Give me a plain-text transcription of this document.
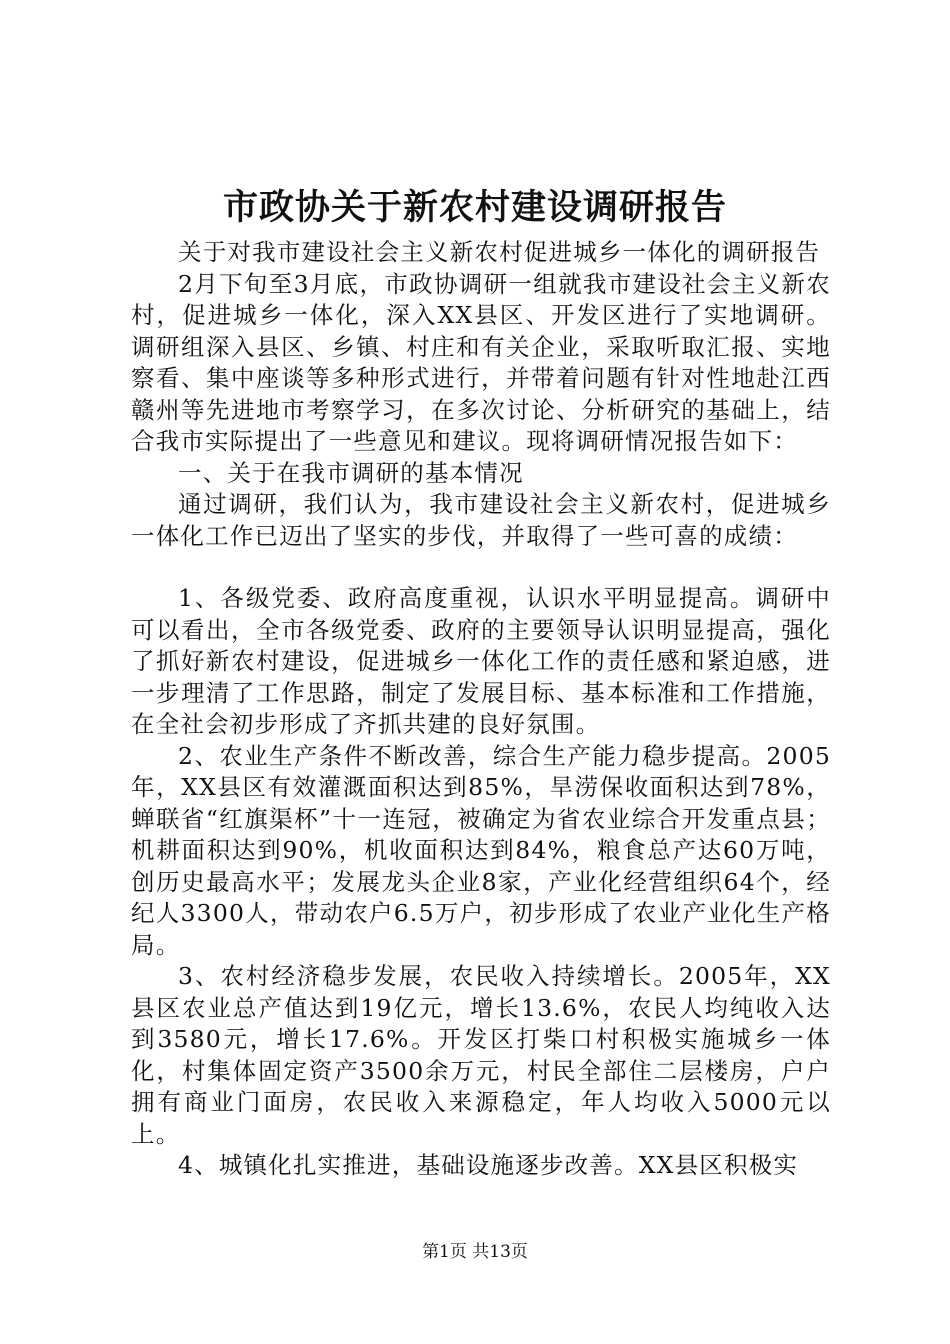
市政协关于新农村建设调研报告

关于对我市建设社会主义新农村促进城乡一体化的调研报告

2月下旬至3月底，市政协调研一组就我市建设社会主义新农村，促进城乡一体化，深入XX县区、开发区进行了实地调研。调研组深入县区、乡镇、村庄和有关企业，采取听取汇报、实地察看、集中座谈等多种形式进行，并带着问题有针对性地赴江西赣州等先进地市考察学习，在多次讨论、分析研究的基础上，结合我市实际提出了一些意见和建议。现将调研情况报告如下：

一、关于在我市调研的基本情况

通过调研，我们认为，我市建设社会主义新农村，促进城乡一体化工作已迈出了坚实的步伐，并取得了一些可喜的成绩：

1、各级党委、政府高度重视，认识水平明显提高。调研中可以看出，全市各级党委、政府的主要领导认识明显提高，强化了抓好新农村建设，促进城乡一体化工作的责任感和紧迫感，进一步理清了工作思路，制定了发展目标、基本标准和工作措施，在全社会初步形成了齐抓共建的良好氛围。

2、农业生产条件不断改善，综合生产能力稳步提高。2005年，XX县区有效灌溉面积达到85%，旱涝保收面积达到78%，蝉联省“红旗渠杯”十一连冠，被确定为省农业综合开发重点县；机耕面积达到90%，机收面积达到84%，粮食总产达60万吨，创历史最高水平；发展龙头企业8家，产业化经营组织64个，经纪人3300人，带动农户6.5万户，初步形成了农业产业化生产格局。

3、农村经济稳步发展，农民收入持续增长。2005年，XX县区农业总产值达到19亿元，增长13.6%，农民人均纯收入达到3580元，增长17.6%。开发区打柴口村积极实施城乡一体化，村集体固定资产3500余万元，村民全部住二层楼房，户户拥有商业门面房，农民收入来源稳定，年人均收入5000元以上。

4、城镇化扎实推进，基础设施逐步改善。XX县区积极实

第1页 共13页
